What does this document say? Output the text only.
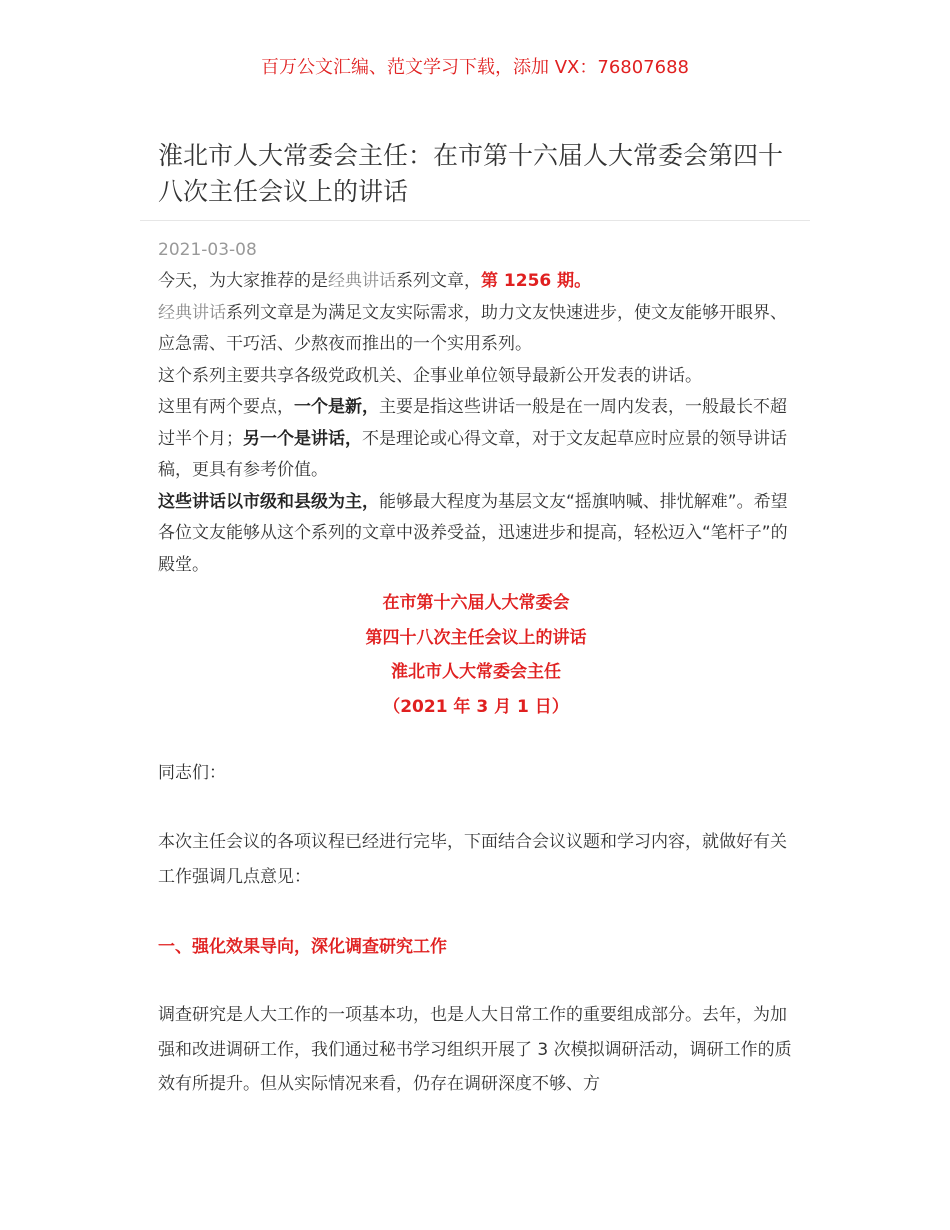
百万公文汇编、范文学习下载，添加 VX：76807688
淮北市人大常委会主任：在市第十六届人大常委会第四十八次主任会议上的讲话
2021-03-08

今天，为大家推荐的是经典讲话系列文章，第 1256 期。

经典讲话系列文章是为满足文友实际需求，助力文友快速进步，使文友能够开眼界、应急需、干巧活、少熬夜而推出的一个实用系列。

这个系列主要共享各级党政机关、企事业单位领导最新公开发表的讲话。

这里有两个要点，一个是新，主要是指这些讲话一般是在一周内发表，一般最长不超过半个月；另一个是讲话，不是理论或心得文章，对于文友起草应时应景的领导讲话稿，更具有参考价值。

这些讲话以市级和县级为主，能够最大程度为基层文友“摇旗呐喊、排忧解难”。希望各位文友能够从这个系列的文章中汲养受益，迅速进步和提高，轻松迈入“笔杆子”的殿堂。

在市第十六届人大常委会
第四十八次主任会议上的讲话
淮北市人大常委会主任
（2021 年 3 月 1 日）

同志们：

本次主任会议的各项议程已经进行完毕，下面结合会议议题和学习内容，就做好有关工作强调几点意见：

一、强化效果导向，深化调查研究工作

调查研究是人大工作的一项基本功，也是人大日常工作的重要组成部分。去年，为加强和改进调研工作，我们通过秘书学习组织开展了 3 次模拟调研活动，调研工作的质效有所提升。但从实际情况来看，仍存在调研深度不够、方
